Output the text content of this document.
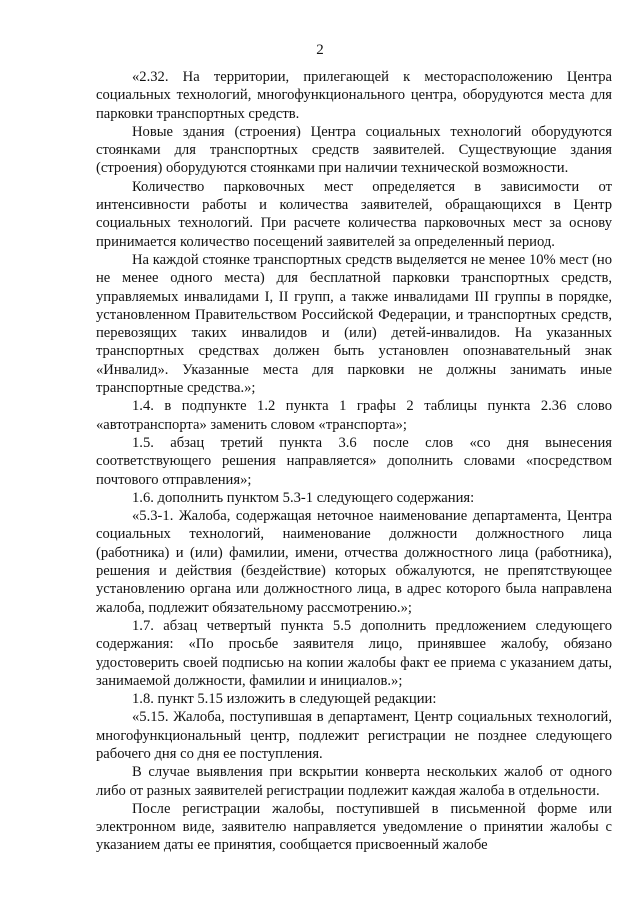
2

«2.32. На территории, прилегающей к месторасположению Центра социальных технологий, многофункционального центра, оборудуются места для парковки транспортных средств.

Новые здания (строения) Центра социальных технологий оборудуются стоянками для транспортных средств заявителей. Существующие здания (строения) оборудуются стоянками при наличии технической возможности.

Количество парковочных мест определяется в зависимости от интенсивности работы и количества заявителей, обращающихся в Центр социальных технологий. При расчете количества парковочных мест за основу принимается количество посещений заявителей за определенный период.

На каждой стоянке транспортных средств выделяется не менее 10% мест (но не менее одного места) для бесплатной парковки транспортных средств, управляемых инвалидами I, II групп, а также инвалидами III группы в порядке, установленном Правительством Российской Федерации, и транспортных средств, перевозящих таких инвалидов и (или) детей-инвалидов. На указанных транспортных средствах должен быть установлен опознавательный знак «Инвалид». Указанные места для парковки не должны занимать иные транспортные средства.»;

1.4. в подпункте 1.2 пункта 1 графы 2 таблицы пункта 2.36 слово «автотранспорта» заменить словом «транспорта»;

1.5. абзац третий пункта 3.6 после слов «со дня вынесения соответствующего решения направляется» дополнить словами «посредством почтового отправления»;

1.6. дополнить пунктом 5.3-1 следующего содержания:

«5.3-1. Жалоба, содержащая неточное наименование департамента, Центра социальных технологий, наименование должности должностного лица (работника) и (или) фамилии, имени, отчества должностного лица (работника), решения и действия (бездействие) которых обжалуются, не препятствующее установлению органа или должностного лица, в адрес которого была направлена жалоба, подлежит обязательному рассмотрению.»;

1.7. абзац четвертый пункта 5.5 дополнить предложением следующего содержания: «По просьбе заявителя лицо, принявшее жалобу, обязано удостоверить своей подписью на копии жалобы факт ее приема с указанием даты, занимаемой должности, фамилии и инициалов.»;

1.8. пункт 5.15 изложить в следующей редакции:

«5.15. Жалоба, поступившая в департамент, Центр социальных технологий, многофункциональный центр, подлежит регистрации не позднее следующего рабочего дня со дня ее поступления.

В случае выявления при вскрытии конверта нескольких жалоб от одного либо от разных заявителей регистрации подлежит каждая жалоба в отдельности.

После регистрации жалобы, поступившей в письменной форме или электронном виде, заявителю направляется уведомление о принятии жалобы с указанием даты ее принятия, сообщается присвоенный жалобе
